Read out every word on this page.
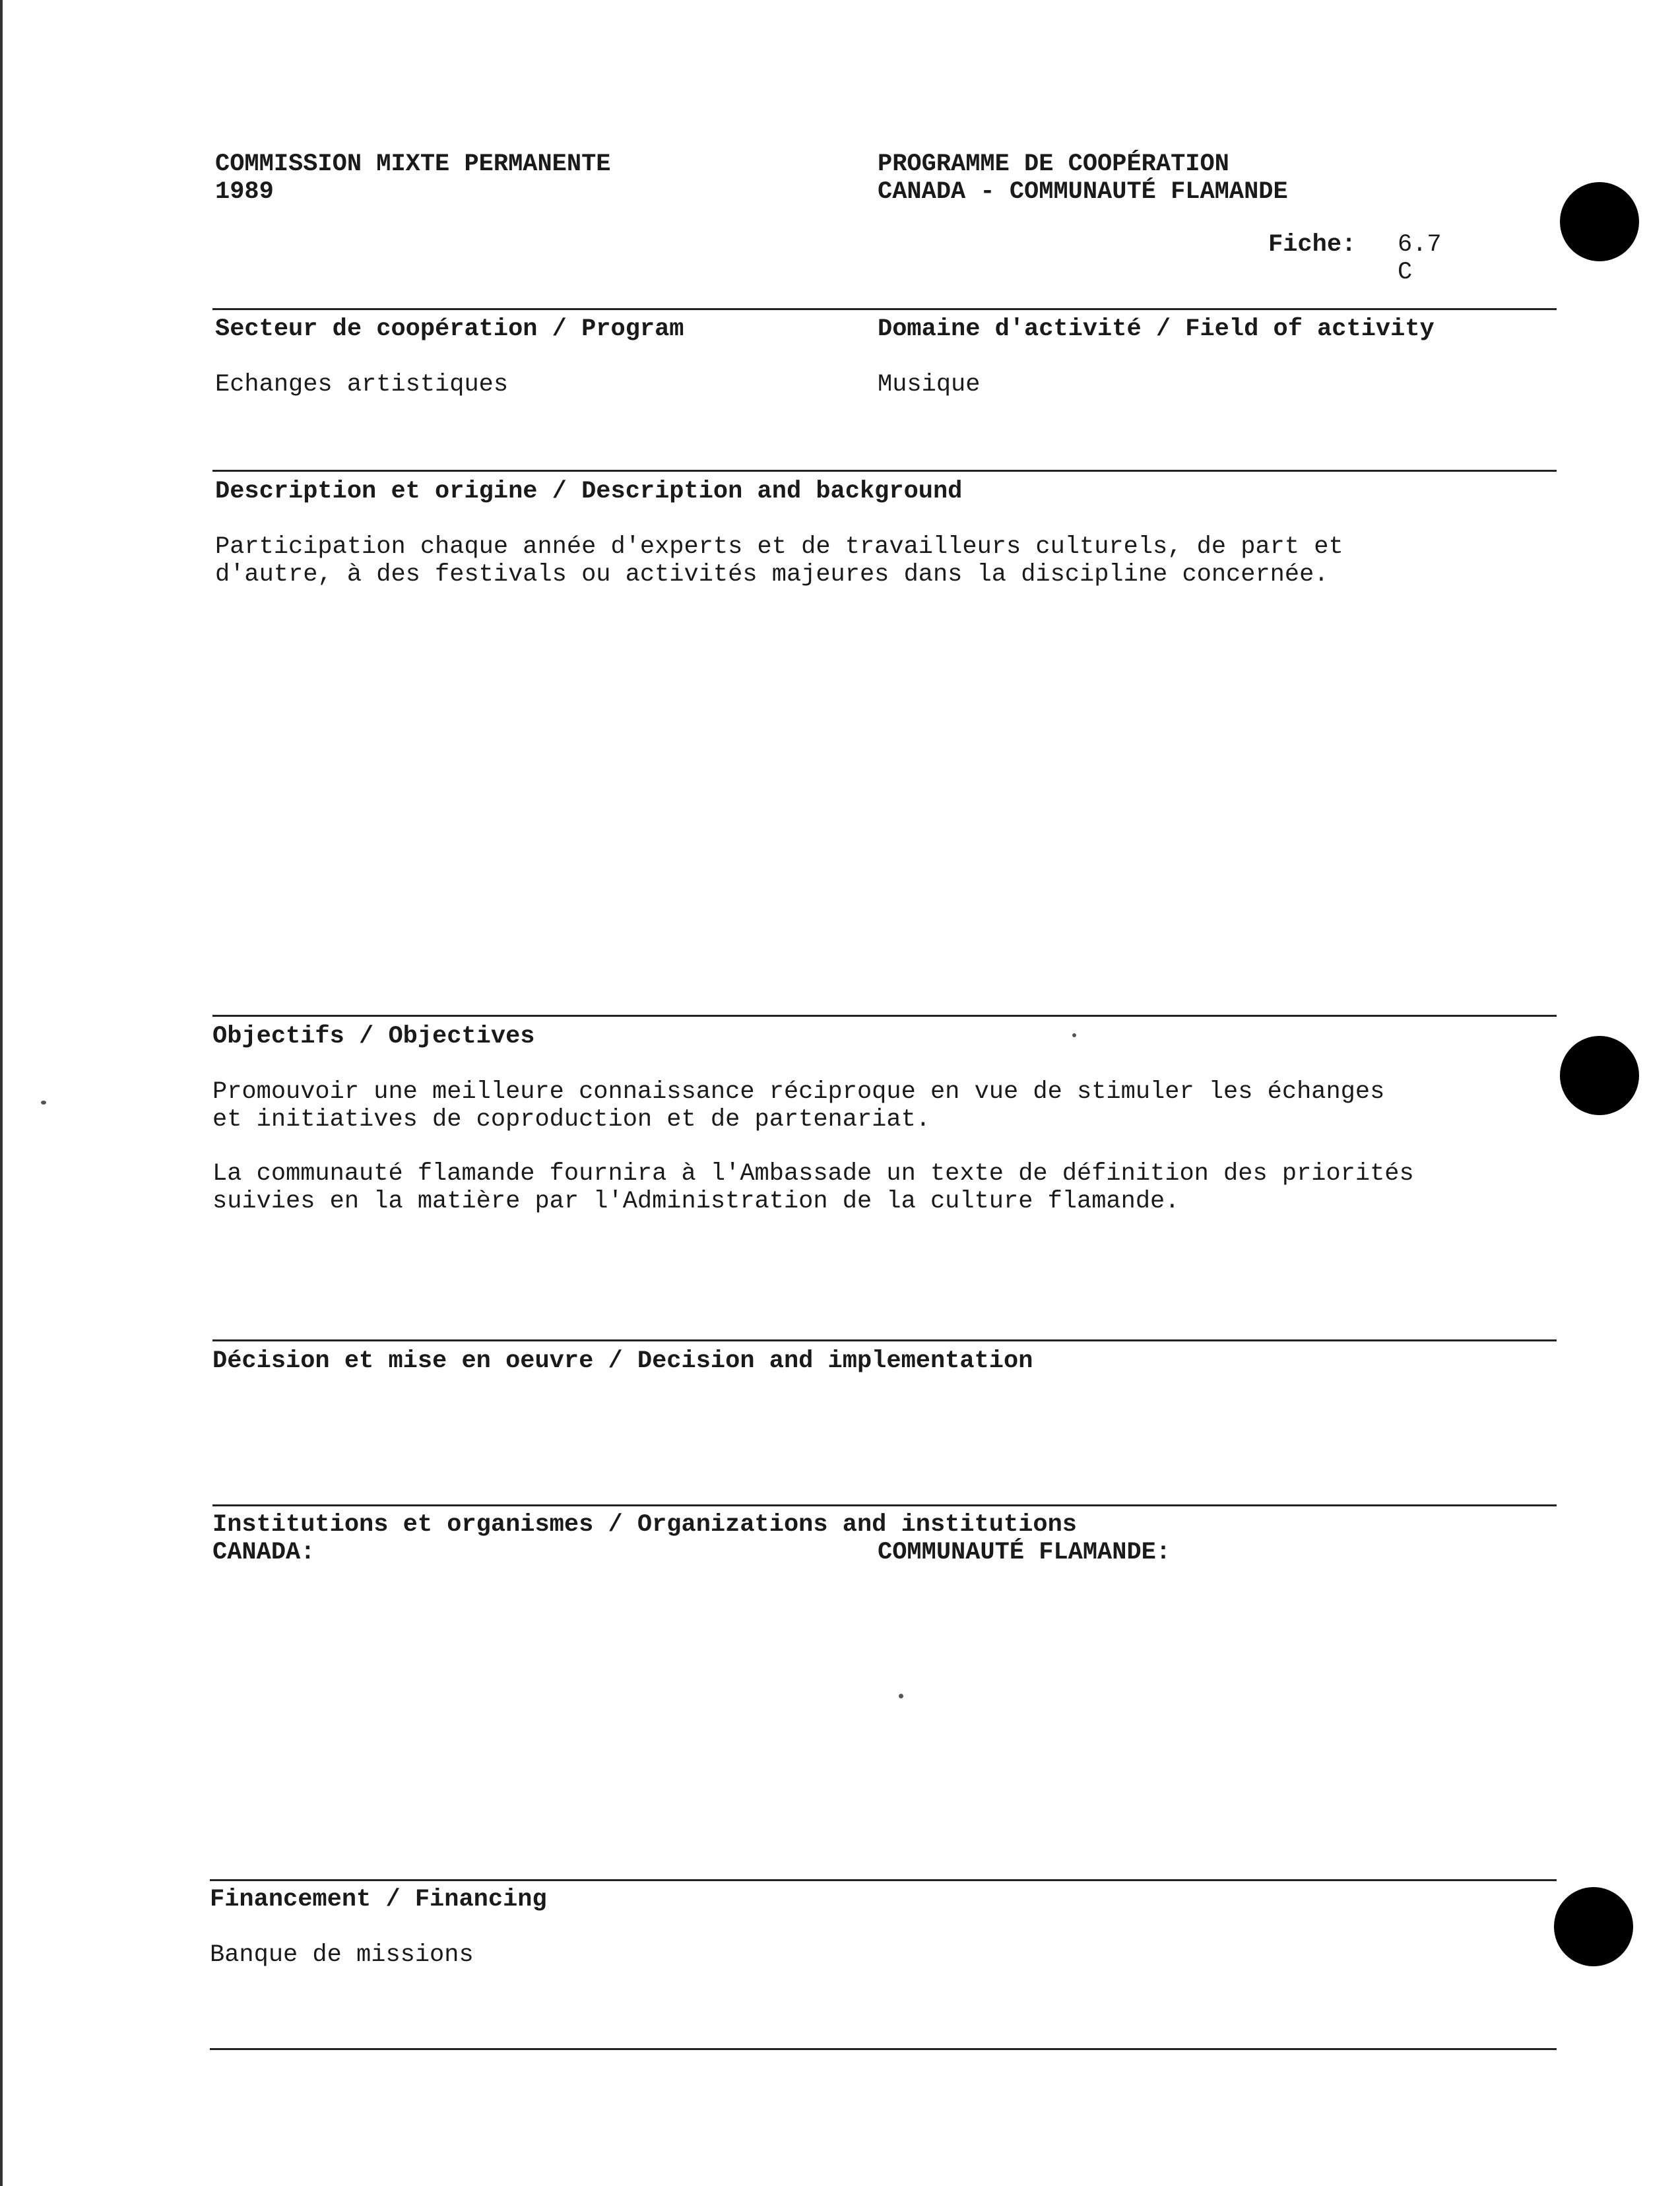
COMMISSION MIXTE PERMANENTE

1989

PROGRAMME DE COOPÉRATION

CANADA - COMMUNAUTÉ FLAMANDE

Fiche: 6.7

C

Secteur de coopération / Program	Domaine d'activité / Field of activity

Echanges artistiques	Musique

Description et origine / Description and background

Participation chaque année d'experts et de travailleurs culturels, de part et

d'autre, à des festivals ou activités majeures dans la discipline concernée.

Objectifs / Objectives

Promouvoir une meilleure connaissance réciproque en vue de stimuler les échanges

et initiatives de coproduction et de partenariat.

La communauté flamande fournira à l'Ambassade un texte de définition des priorités

suivies en la matière par l'Administration de la culture flamande.

Décision et mise en oeuvre / Decision and implementation

Institutions et organismes / Organizations and institutions

CANADA:	COMMUNAUTÉ FLAMANDE:

Financement / Financing

Banque de missions
